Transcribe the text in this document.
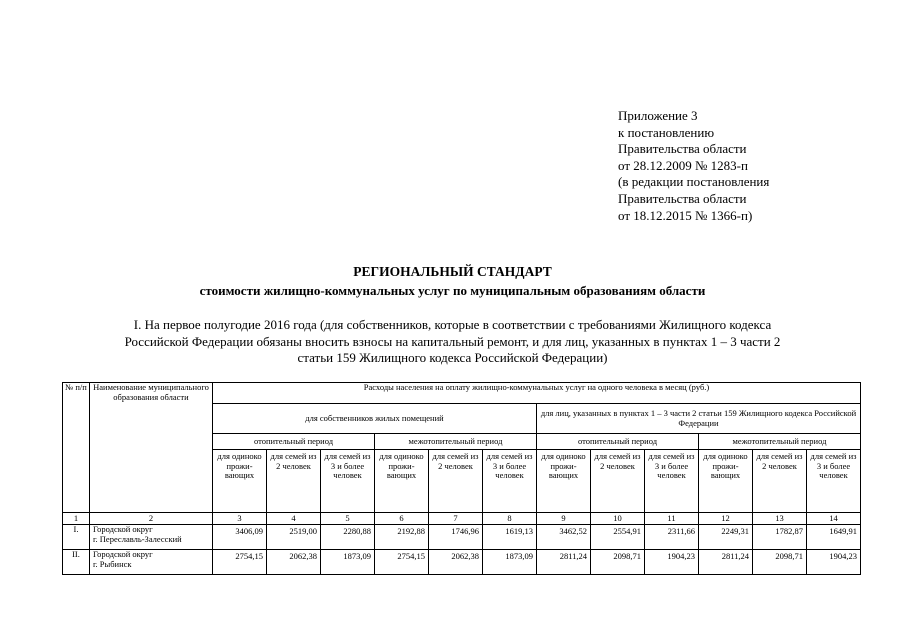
Приложение 3
к постановлению
Правительства области
от 28.12.2009 № 1283-п
(в редакции постановления
Правительства области
от 18.12.2015 № 1366-п)
РЕГИОНАЛЬНЫЙ СТАНДАРТ
стоимости жилищно-коммунальных услуг по муниципальным образованиям области
I. На первое полугодие 2016 года (для собственников, которые в соответствии с требованиями Жилищного кодекса
Российской Федерации обязаны вносить взносы на капитальный ремонт, и для лиц, указанных в пунктах 1 – 3 части 2
статьи 159 Жилищного кодекса Российской Федерации)
№ п/п	Наименование муниципального образования области	Расходы населения на оплату жилищно-коммунальных услуг на одного человека в месяц (руб.)											
		для собственников жилых помещений						для лиц, указанных в пунктах 1 – 3 части 2 статьи 159 Жилищного кодекса Российской Федерации					
		отопительный период			межотопительный период			отопительный период			межотопительный период		
		для одиноко прожи- вающих	для семей из 2 человек	для семей из 3 и более человек	для одиноко прожи- вающих	для семей из 2 человек	для семей из 3 и более человек	для одиноко прожи- вающих	для семей из 2 человек	для семей из 3 и более человек	для одиноко прожи- вающих	для семей из 2 человек	для семей из 3 и более человек
1	2	3	4	5	6	7	8	9	10	11	12	13	14
I.	Городской округ
г. Переславль-Залесский	3406,09	2519,00	2280,88	2192,88	1746,96	1619,13	3462,52	2554,91	2311,66	2249,31	1782,87	1649,91
II.	Городской округ
г. Рыбинск	2754,15	2062,38	1873,09	2754,15	2062,38	1873,09	2811,24	2098,71	1904,23	2811,24	2098,71	1904,23
